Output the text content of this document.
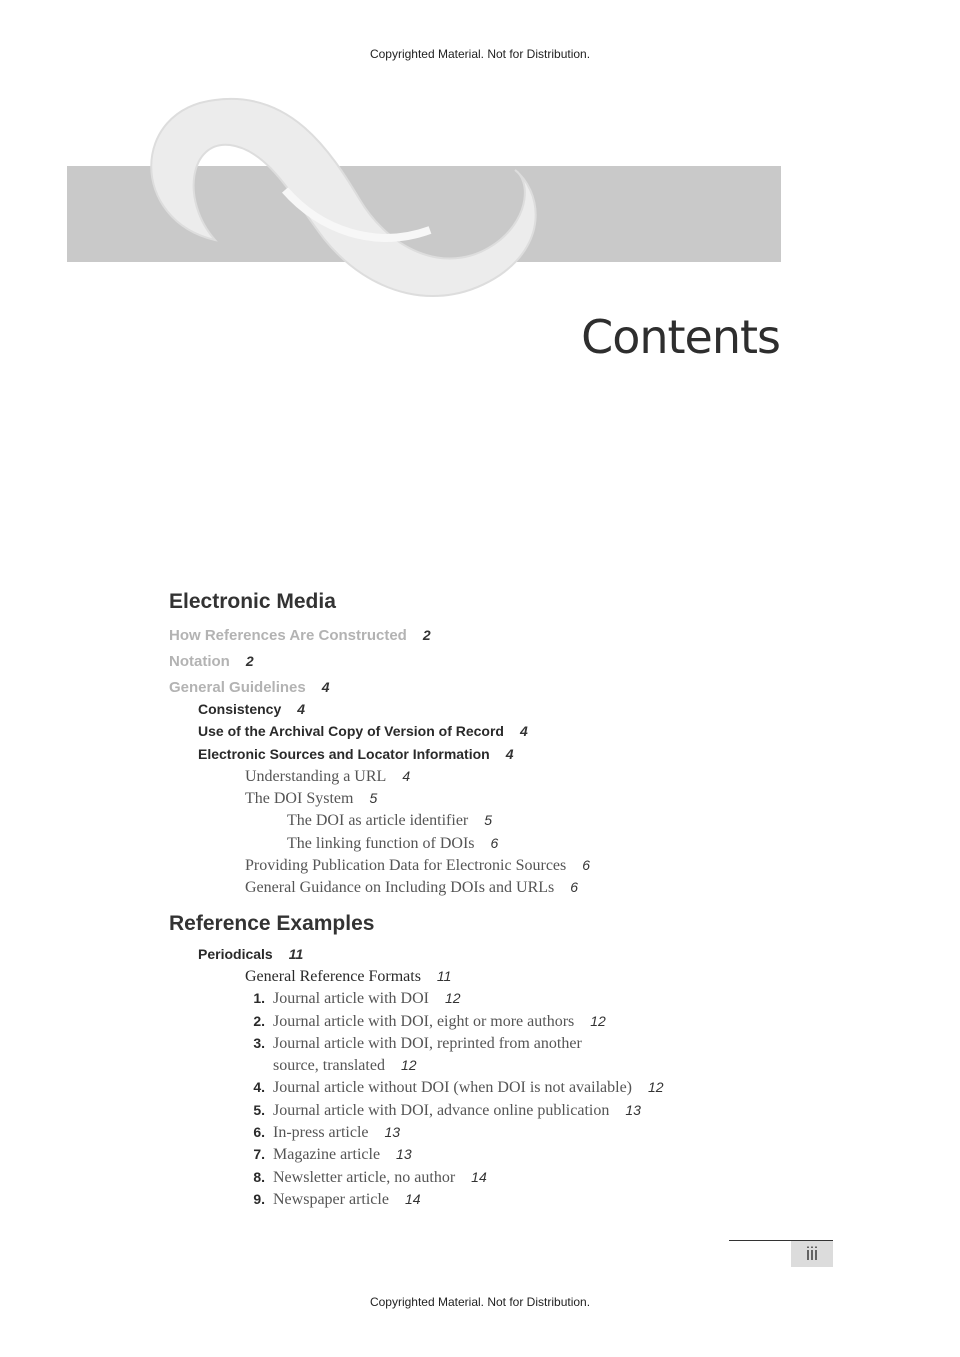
Copyrighted Material. Not for Distribution.
Contents
Electronic Media
How References Are Constructed 2
Notation 2
General Guidelines 4
Consistency 4
Use of the Archival Copy of Version of Record 4
Electronic Sources and Locator Information 4
Understanding a URL 4
The DOI System 5
The DOI as article identifier 5
The linking function of DOIs 6
Providing Publication Data for Electronic Sources 6
General Guidance on Including DOIs and URLs 6
Reference Examples
Periodicals 11
General Reference Formats 11
1. Journal article with DOI 12
2. Journal article with DOI, eight or more authors 12
3. Journal article with DOI, reprinted from another
source, translated 12
4. Journal article without DOI (when DOI is not available) 12
5. Journal article with DOI, advance online publication 13
6. In-press article 13
7. Magazine article 13
8. Newsletter article, no author 14
9. Newspaper article 14
iii
Copyrighted Material. Not for Distribution.
